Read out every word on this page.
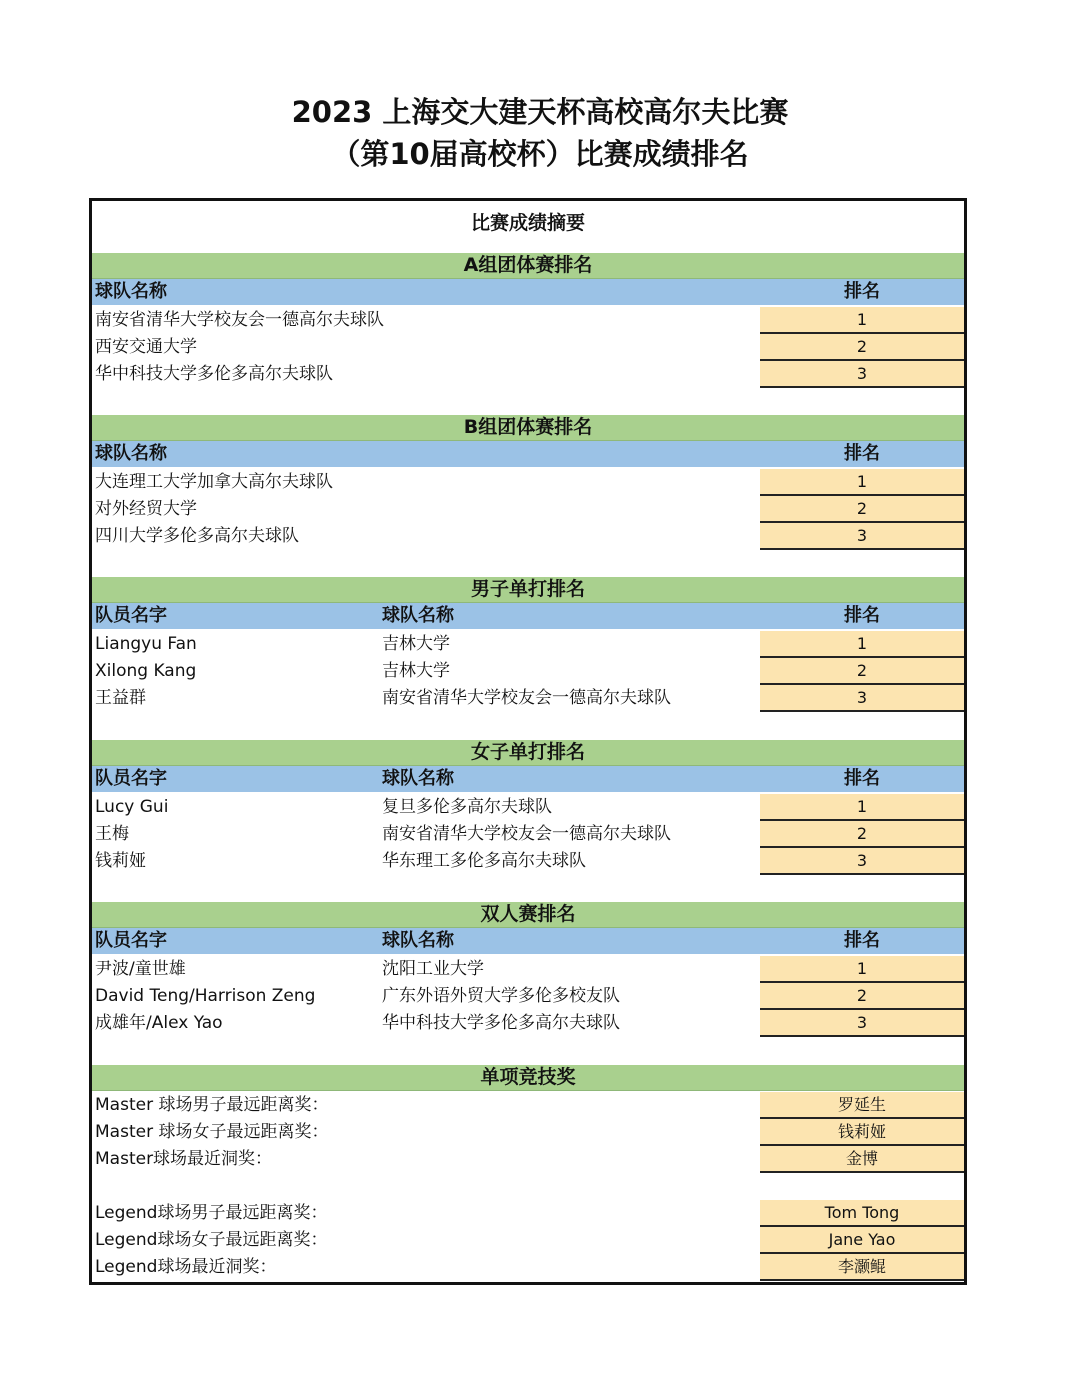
2023 上海交大建天杯高校高尔夫比赛
（第10届高校杯）比赛成绩排名
比赛成绩摘要
A组团体赛排名
球队名称	排名
南安省清华大学校友会一德高尔夫球队	1
西安交通大学	2
华中科技大学多伦多高尔夫球队	3
B组团体赛排名
球队名称	排名
大连理工大学加拿大高尔夫球队	1
对外经贸大学	2
四川大学多伦多高尔夫球队	3
男子单打排名
队员名字	球队名称	排名
Liangyu Fan	吉林大学	1
Xilong Kang	吉林大学	2
王益群	南安省清华大学校友会一德高尔夫球队	3
女子单打排名
队员名字	球队名称	排名
Lucy Gui	复旦多伦多高尔夫球队	1
王梅	南安省清华大学校友会一德高尔夫球队	2
钱莉娅	华东理工多伦多高尔夫球队	3
双人赛排名
队员名字	球队名称	排名
尹波/童世雄	沈阳工业大学	1
David Teng/Harrison Zeng	广东外语外贸大学多伦多校友队	2
成雄年/Alex Yao	华中科技大学多伦多高尔夫球队	3
单项竞技奖
Master 球场男子最远距离奖：	罗延生
Master 球场女子最远距离奖：	钱莉娅
Master球场最近洞奖：	金博
Legend球场男子最远距离奖：	Tom Tong
Legend球场女子最远距离奖：	Jane Yao
Legend球场最近洞奖：	李灏鲲
